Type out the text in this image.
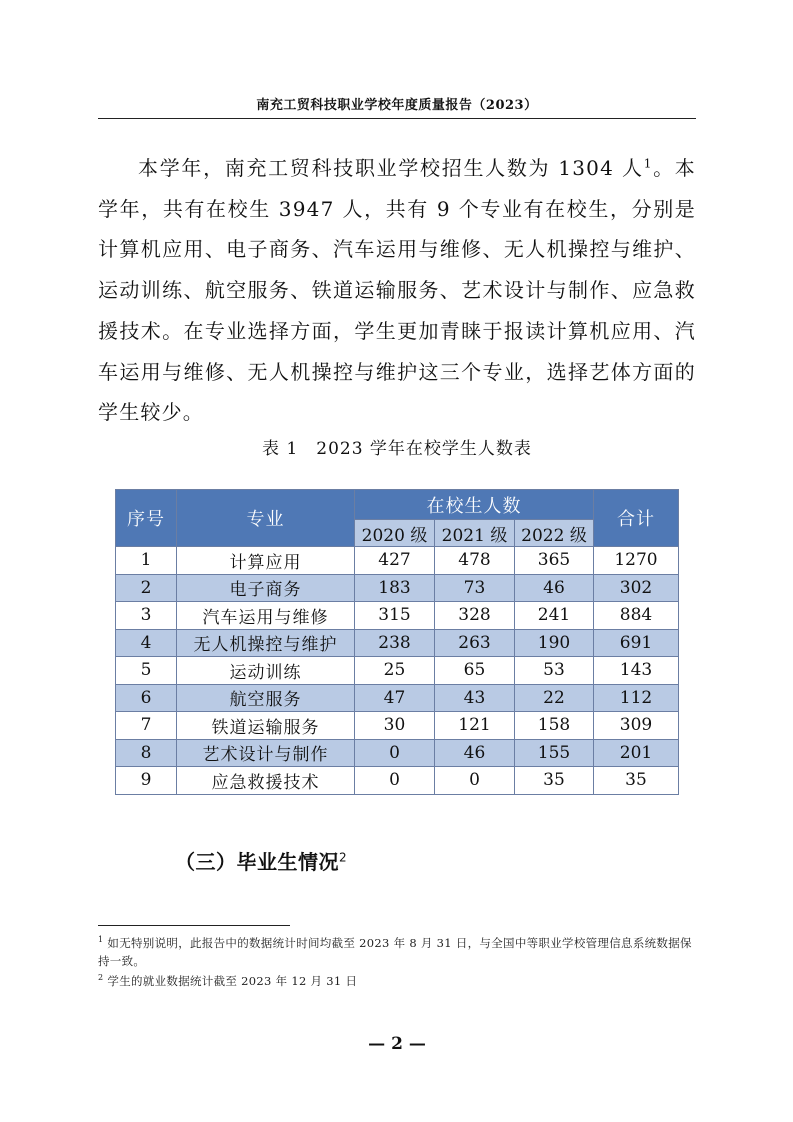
南充工贸科技职业学校年度质量报告（2023）

本学年，南充工贸科技职业学校招生人数为 1304 人$^1$。本学年，共有在校生 3947 人，共有 9 个专业有在校生，分别是计算机应用、电子商务、汽车运用与维修、无人机操控与维护、运动训练、航空服务、铁道运输服务、艺术设计与制作、应急救援技术。在专业选择方面，学生更加青睐于报读计算机应用、汽车运用与维修、无人机操控与维护这三个专业，选择艺体方面的学生较少。

表 1　2023 学年在校学生人数表
序号	专业	在校生人数			合计
		2020 级	2021 级	2022 级	
1	计算应用	427	478	365	1270
2	电子商务	183	73	46	302
3	汽车运用与维修	315	328	241	884
4	无人机操控与维护	238	263	190	691
5	运动训练	25	65	53	143
6	航空服务	47	43	22	112
7	铁道运输服务	30	121	158	309
8	艺术设计与制作	0	46	155	201
9	应急救援技术	0	0	35	35
（三）毕业生情况$^2$

$^1$ 如无特别说明，此报告中的数据统计时间均截至 2023 年 8 月 31 日，与全国中等职业学校管理信息系统数据保持一致。

$^2$ 学生的就业数据统计截至 2023 年 12 月 31 日

— 2 —
